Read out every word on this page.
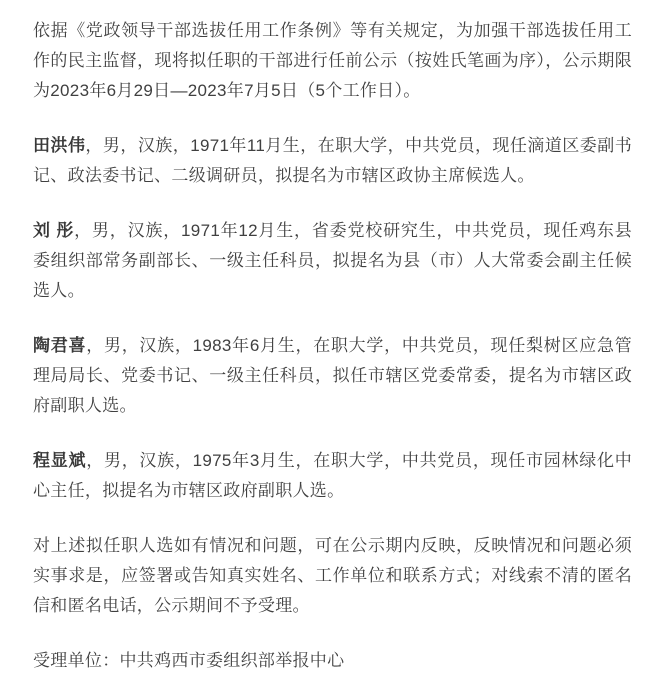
依据《党政领导干部选拔任用工作条例》等有关规定，为加强干部选拔任用工作的民主监督，现将拟任职的干部进行任前公示（按姓氏笔画为序），公示期限为2023年6月29日—2023年7月5日（5个工作日）。

田洪伟，男，汉族，1971年11月生，在职大学，中共党员，现任滴道区委副书记、政法委书记、二级调研员，拟提名为市辖区政协主席候选人。

刘 彤，男，汉族，1971年12月生，省委党校研究生，中共党员，现任鸡东县委组织部常务副部长、一级主任科员，拟提名为县（市）人大常委会副主任候选人。

陶君喜，男，汉族，1983年6月生，在职大学，中共党员，现任梨树区应急管理局局长、党委书记、一级主任科员，拟任市辖区党委常委，提名为市辖区政府副职人选。

程显斌，男，汉族，1975年3月生，在职大学，中共党员，现任市园林绿化中心主任，拟提名为市辖区政府副职人选。

对上述拟任职人选如有情况和问题，可在公示期内反映，反映情况和问题必须实事求是，应签署或告知真实姓名、工作单位和联系方式；对线索不清的匿名信和匿名电话，公示期间不予受理。

受理单位：中共鸡西市委组织部举报中心
